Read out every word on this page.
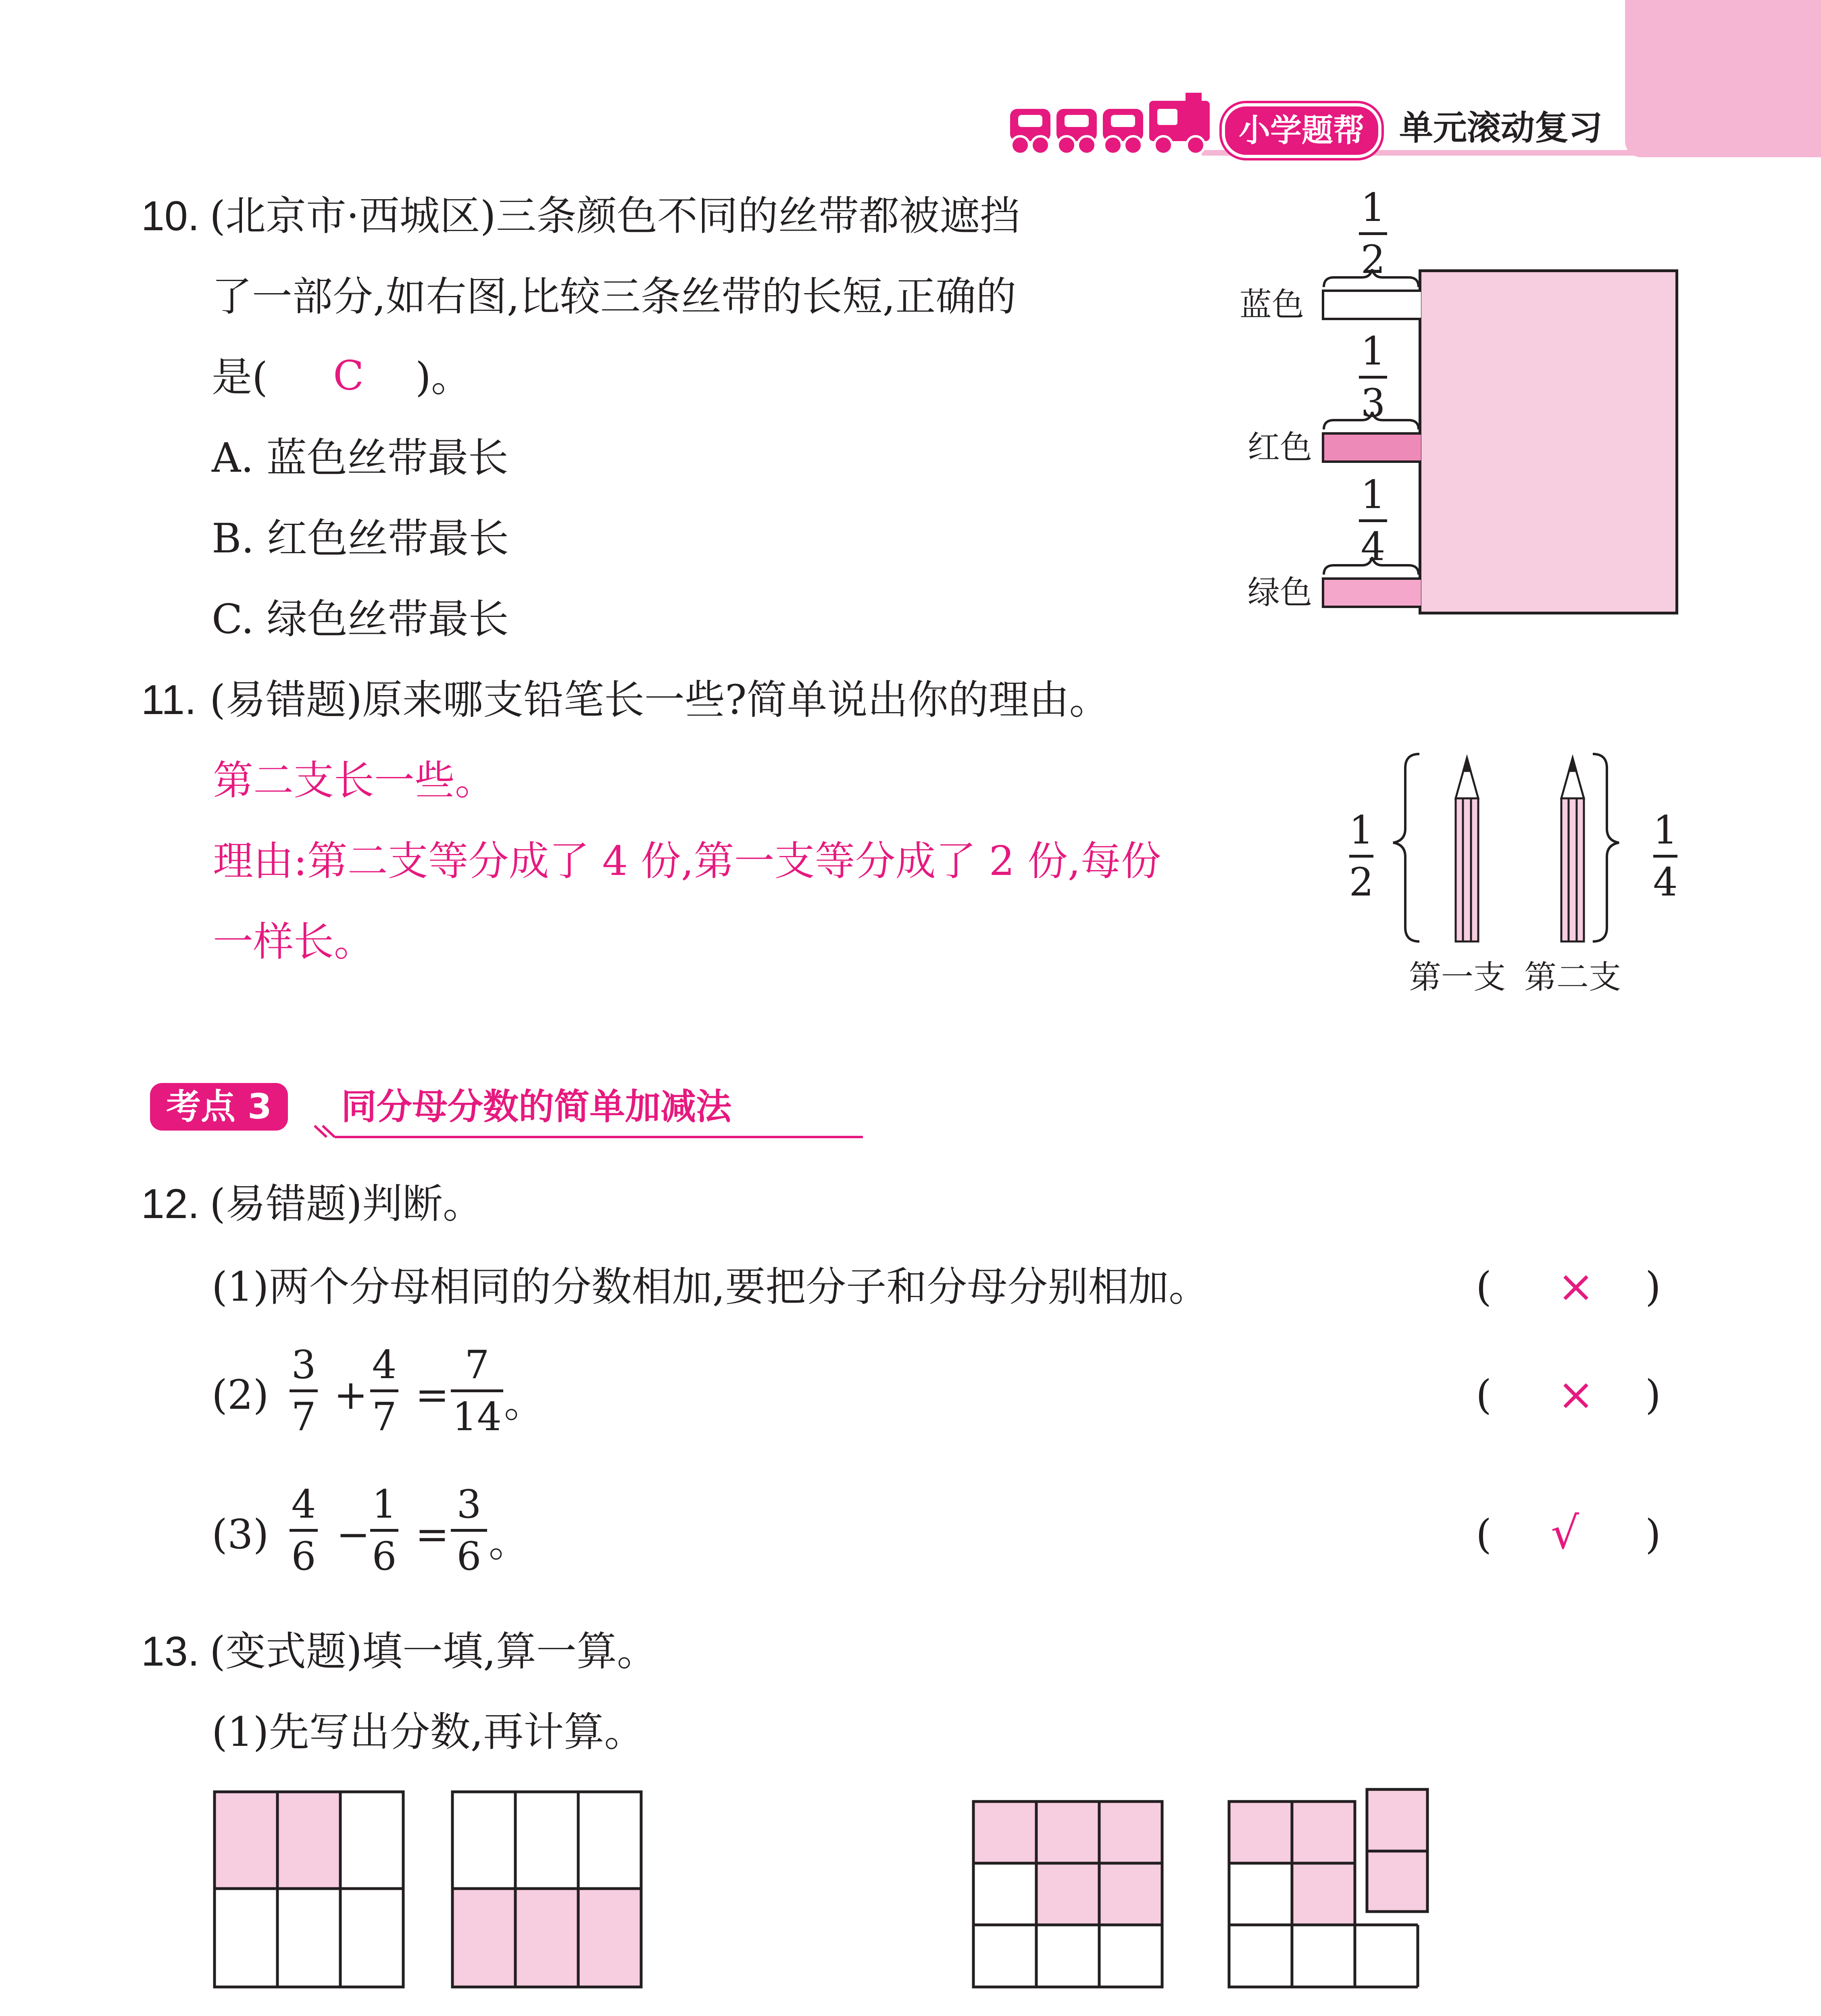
小学题帮	单元滚动复习
10. (北京市·西城区)三条颜色不同的丝带都被遮挡
了一部分,如右图,比较三条丝带的长短,正确的
是( C )。
A. 蓝色丝带最长
B. 红色丝带最长
C. 绿色丝带最长
1
2
1
3
1
4
蓝色
红色
绿色
11. (易错题)原来哪支铅笔长一些?简单说出你的理由。
第二支长一些。
理由:第二支等分成了 4 份,第一支等分成了 2 份,每份
一样长。
1
2
1
4
第一支 第二支
考点 3	同分母分数的简单加减法
12. (易错题)判断。
(1)两个分母相同的分数相加,要把分子和分母分别相加。	( × )
(2)
3
7 +
4
7 =
7
14 。	( × )
(3)
4
6 −
1
6 =
3
6 。	( √ )
13. (变式题)填一填,算一算。
(1)先写出分数,再计算。
